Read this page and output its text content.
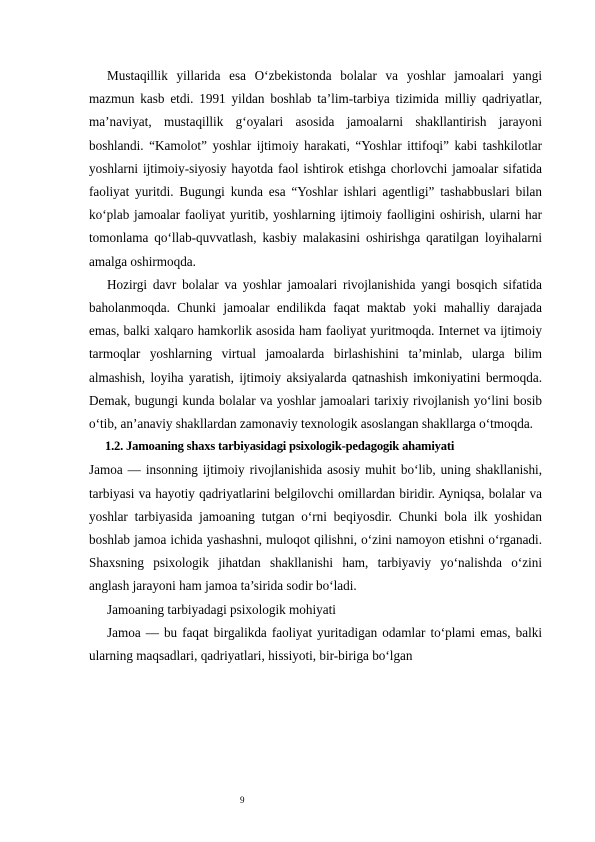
Mustaqillik yillarida esa O‘zbekistonda bolalar va yoshlar jamoalari yangi mazmun kasb etdi. 1991 yildan boshlab ta’lim-tarbiya tizimida milliy qadriyatlar, ma’naviyat, mustaqillik g‘oyalari asosida jamoalarni shakllantirish jarayoni boshlandi. “Kamolot” yoshlar ijtimoiy harakati, “Yoshlar ittifoqi” kabi tashkilotlar yoshlarni ijtimoiy-siyosiy hayotda faol ishtirok etishga chorlovchi jamoalar sifatida faoliyat yuritdi. Bugungi kunda esa “Yoshlar ishlari agentligi” tashabbuslari bilan ko‘plab jamoalar faoliyat yuritib, yoshlarning ijtimoiy faolligini oshirish, ularni har tomonlama qo‘llab-quvvatlash, kasbiy malakasini oshirishga qaratilgan loyihalarni amalga oshirmoqda.

Hozirgi davr bolalar va yoshlar jamoalari rivojlanishida yangi bosqich sifatida baholanmoqda. Chunki jamoalar endilikda faqat maktab yoki mahalliy darajada emas, balki xalqaro hamkorlik asosida ham faoliyat yuritmoqda. Internet va ijtimoiy tarmoqlar yoshlarning virtual jamoalarda birlashishini ta’minlab, ularga bilim almashish, loyiha yaratish, ijtimoiy aksiyalarda qatnashish imkoniyatini bermoqda. Demak, bugungi kunda bolalar va yoshlar jamoalari tarixiy rivojlanish yo‘lini bosib o‘tib, an’anaviy shakllardan zamonaviy texnologik asoslangan shakllarga o‘tmoqda.

1.2. Jamoaning shaxs tarbiyasidagi psixologik-pedagogik ahamiyati

Jamoa — insonning ijtimoiy rivojlanishida asosiy muhit bo‘lib, uning shakllanishi, tarbiyasi va hayotiy qadriyatlarini belgilovchi omillardan biridir. Ayniqsa, bolalar va yoshlar tarbiyasida jamoaning tutgan o‘rni beqiyosdir. Chunki bola ilk yoshidan boshlab jamoa ichida yashashni, muloqot qilishni, o‘zini namoyon etishni o‘rganadi. Shaxsning psixologik jihatdan shakllanishi ham, tarbiyaviy yo‘nalishda o‘zini anglash jarayoni ham jamoa ta’sirida sodir bo‘ladi.

Jamoaning tarbiyadagi psixologik mohiyati

Jamoa — bu faqat birgalikda faoliyat yuritadigan odamlar to‘plami emas, balki ularning maqsadlari, qadriyatlari, hissiyoti, bir-biriga bo‘lgan

9
